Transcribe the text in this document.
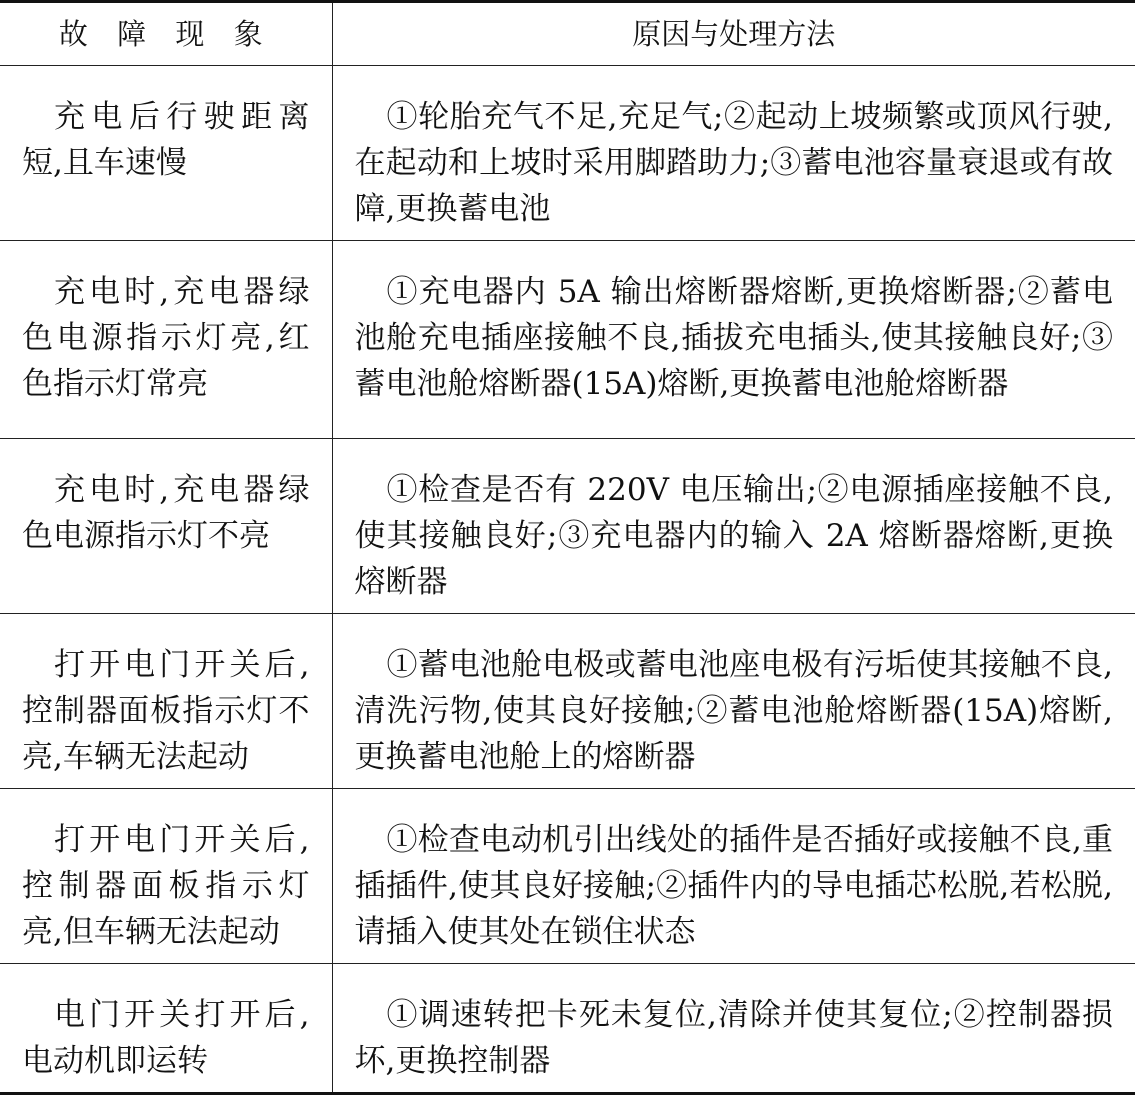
故 障 现 象	原因与处理方法
充电后行驶距离短,且车速慢	①轮胎充气不足,充足气;②起动上坡频繁或顶风行驶,在起动和上坡时采用脚踏助力;③蓄电池容量衰退或有故障,更换蓄电池
充电时,充电器绿色电源指示灯亮,红色指示灯常亮	①充电器内 5A 输出熔断器熔断,更换熔断器;②蓄电池舱充电插座接触不良,插拔充电插头,使其接触良好;③蓄电池舱熔断器(15A)熔断,更换蓄电池舱熔断器
充电时,充电器绿色电源指示灯不亮	①检查是否有 220V 电压输出;②电源插座接触不良,使其接触良好;③充电器内的输入 2A 熔断器熔断,更换熔断器
打开电门开关后,控制器面板指示灯不亮,车辆无法起动	①蓄电池舱电极或蓄电池座电极有污垢使其接触不良,清洗污物,使其良好接触;②蓄电池舱熔断器(15A)熔断,更换蓄电池舱上的熔断器
打开电门开关后,控制器面板指示灯亮,但车辆无法起动	①检查电动机引出线处的插件是否插好或接触不良,重插插件,使其良好接触;②插件内的导电插芯松脱,若松脱,请插入使其处在锁住状态
电门开关打开后,电动机即运转	①调速转把卡死未复位,清除并使其复位;②控制器损坏,更换控制器
